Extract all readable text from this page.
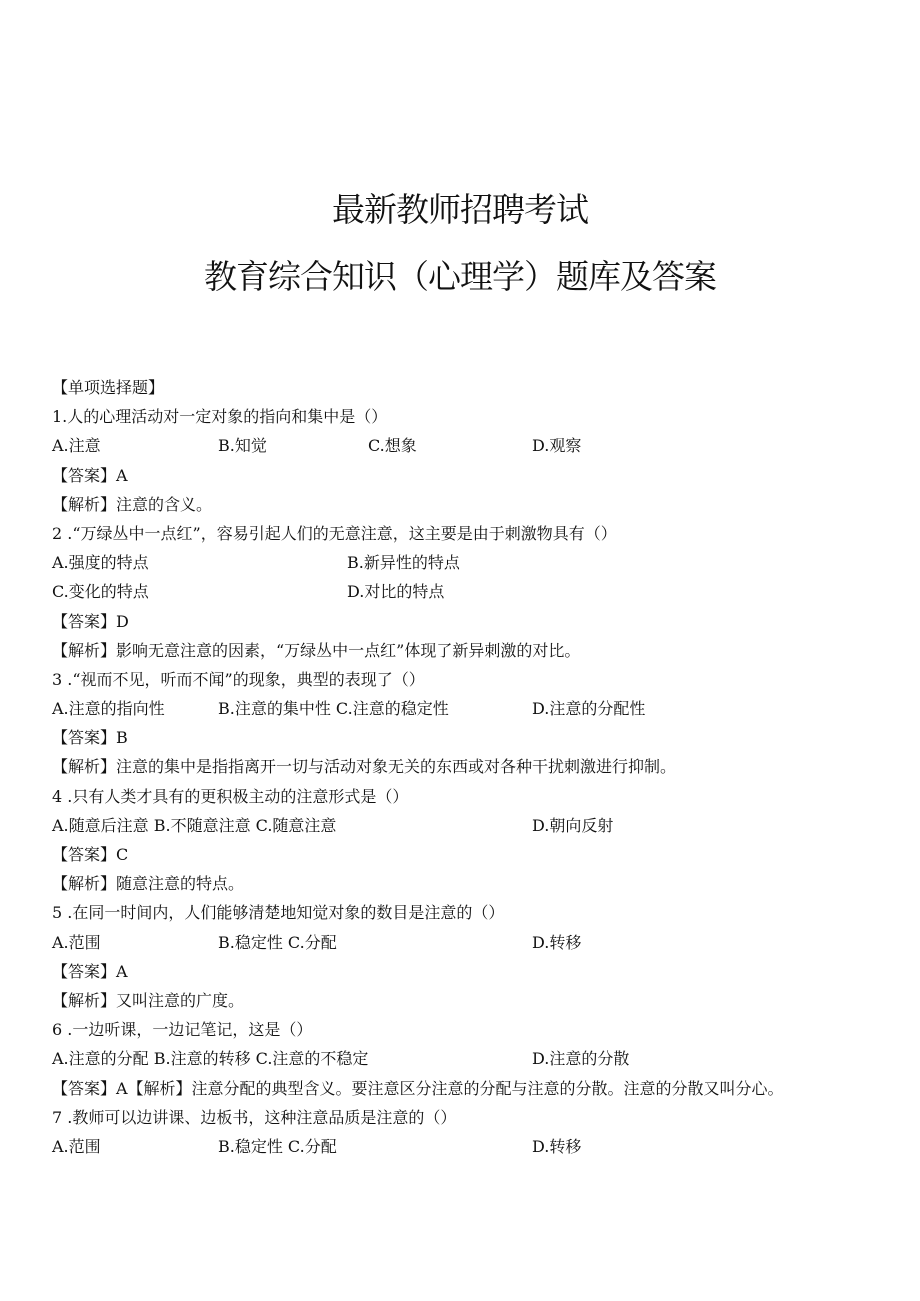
最新教师招聘考试
教育综合知识（心理学）题库及答案
【单项选择题】
1.人的心理活动对一定对象的指向和集中是（）
A.注意	B.知觉	C.想象	D.观察
【答案】A
【解析】注意的含义。
2 .“万绿丛中一点红”，容易引起人们的无意注意，这主要是由于刺激物具有（）
A.强度的特点	B.新异性的特点
C.变化的特点	D.对比的特点
【答案】D
【解析】影响无意注意的因素，“万绿丛中一点红”体现了新异刺激的对比。
3 .“视而不见，听而不闻”的现象，典型的表现了（）
A.注意的指向性	B.注意的集中性 C.注意的稳定性	D.注意的分配性
【答案】B
【解析】注意的集中是指指离开一切与活动对象无关的东西或对各种干扰刺激进行抑制。
4 .只有人类才具有的更积极主动的注意形式是（）
A.随意后注意 B.不随意注意 C.随意注意	D.朝向反射
【答案】C
【解析】随意注意的特点。
5 .在同一时间内，人们能够清楚地知觉对象的数目是注意的（）
A.范围	B.稳定性 C.分配	D.转移
【答案】A
【解析】又叫注意的广度。
6 .一边听课，一边记笔记，这是（）
A.注意的分配 B.注意的转移 C.注意的不稳定	D.注意的分散
【答案】A【解析】注意分配的典型含义。要注意区分注意的分配与注意的分散。注意的分散又叫分心。
7 .教师可以边讲课、边板书，这种注意品质是注意的（）
A.范围	B.稳定性 C.分配	D.转移
